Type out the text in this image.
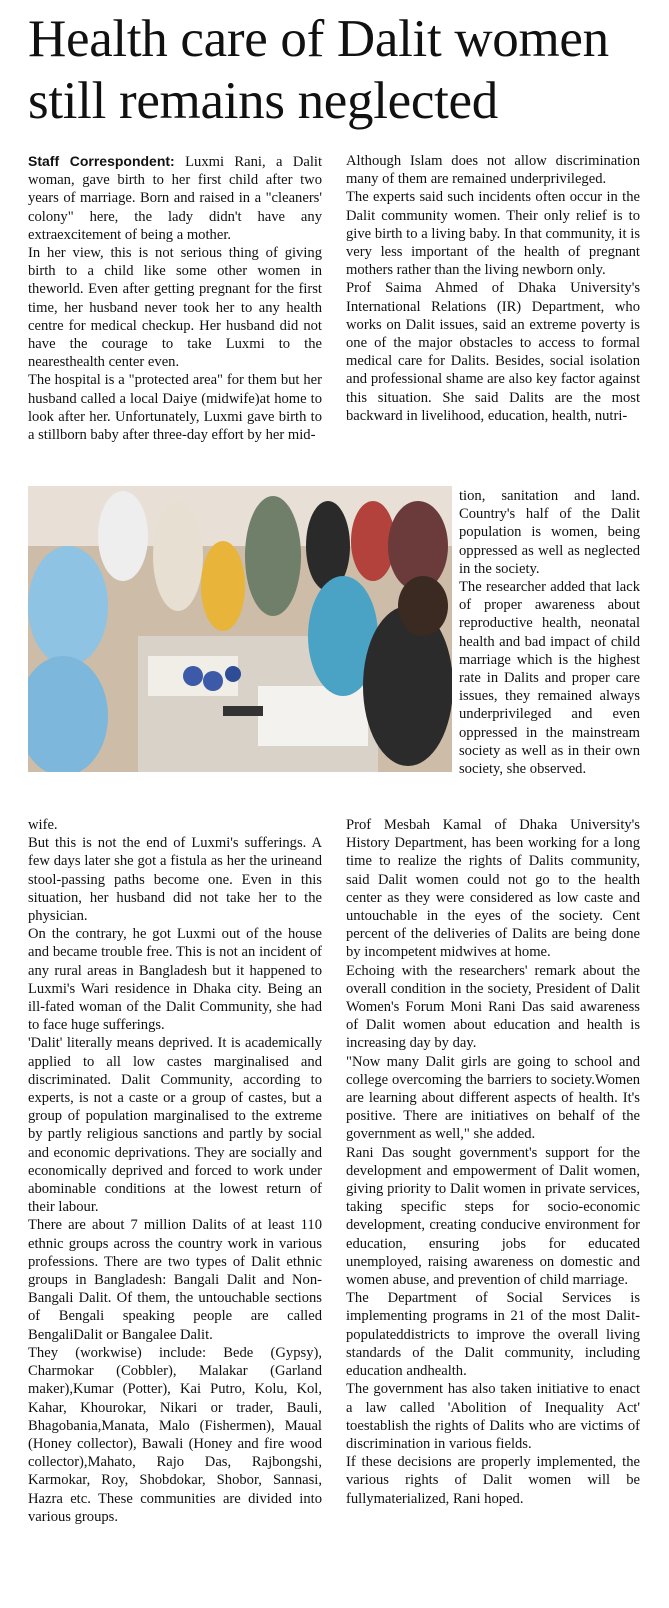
Health care of Dalit women still remains neglected

Staff Correspondent: Luxmi Rani, a Dalit woman, gave birth to her first child after two years of marriage. Born and raised in a "cleaners' colony" here, the lady didn't have any extraexcitement of being a mother.

In her view, this is not serious thing of giving birth to a child like some other women in theworld. Even after getting pregnant for the first time, her husband never took her to any health centre for medical checkup. Her husband did not have the courage to take Luxmi to the nearesthealth center even.

The hospital is a "protected area" for them but her husband called a local Daiye (midwife)at home to look after her. Unfortunately, Luxmi gave birth to a stillborn baby after three-day effort by her mid-

wife.

But this is not the end of Luxmi's sufferings. A few days later she got a fistula as her the urineand stool-passing paths become one. Even in this situation, her husband did not take her to the physician.

On the contrary, he got Luxmi out of the house and became trouble free. This is not an incident of any rural areas in Bangladesh but it happened to Luxmi's Wari residence in Dhaka city. Being an ill-fated woman of the Dalit Community, she had to face huge sufferings.

'Dalit' literally means deprived. It is academically applied to all low castes marginalised and discriminated. Dalit Community, according to experts, is not a caste or a group of castes, but a group of population marginalised to the extreme by partly religious sanctions and partly by social and economic deprivations. They are socially and economically deprived and forced to work under abominable conditions at the lowest return of their labour.

There are about 7 million Dalits of at least 110 ethnic groups across the country work in various professions. There are two types of Dalit ethnic groups in Bangladesh: Bangali Dalit and Non-Bangali Dalit. Of them, the untouchable sections of Bengali speaking people are called BengaliDalit or Bangalee Dalit.

They (workwise) include: Bede (Gypsy), Charmokar (Cobbler), Malakar (Garland maker),Kumar (Potter), Kai Putro, Kolu, Kol, Kahar, Khourokar, Nikari or trader, Bauli, Bhagobania,Manata, Malo (Fishermen), Maual (Honey collector), Bawali (Honey and fire wood collector),Mahato, Rajo Das, Rajbongshi, Karmokar, Roy, Shobdokar, Shobor, Sannasi, Hazra etc. These communities are divided into various groups.

Although Islam does not allow discrimination many of them are remained underprivileged.

The experts said such incidents often occur in the Dalit community women. Their only relief is to give birth to a living baby. In that community, it is very less important of the health of pregnant mothers rather than the living newborn only.

Prof Saima Ahmed of Dhaka University's International Relations (IR) Department, who works on Dalit issues, said an extreme poverty is one of the major obstacles to access to formal medical care for Dalits. Besides, social isolation and professional shame are also key factor against this situation. She said Dalits are the most backward in livelihood, education, health, nutri-

tion, sanitation and land. Country's half of the Dalit population is women, being oppressed as well as neglected in the society.

The researcher added that lack of proper awareness about reproductive health, neonatal health and bad impact of child marriage which is the highest rate in Dalits and proper care issues, they remained always underprivileged and even oppressed in the mainstream society as well as in their own society, she observed.

Prof Mesbah Kamal of Dhaka University's History Department, has been working for a long time to realize the rights of Dalits community, said Dalit women could not go to the health center as they were considered as low caste and untouchable in the eyes of the society. Cent percent of the deliveries of Dalits are being done by incompetent midwives at home.

Echoing with the researchers' remark about the overall condition in the society, President of Dalit Women's Forum Moni Rani Das said awareness of Dalit women about education and health is increasing day by day.

"Now many Dalit girls are going to school and college overcoming the barriers to society.Women are learning about different aspects of health. It's positive. There are initiatives on behalf of the government as well," she added.

Rani Das sought government's support for the development and empowerment of Dalit women, giving priority to Dalit women in private services, taking specific steps for socio-economic development, creating conducive environment for education, ensuring jobs for educated unemployed, raising awareness on domestic and women abuse, and prevention of child marriage.

The Department of Social Services is implementing programs in 21 of the most Dalit-populateddistricts to improve the overall living standards of the Dalit community, including education andhealth.

The government has also taken initiative to enact a law called 'Abolition of Inequality Act' toestablish the rights of Dalits who are victims of discrimination in various fields.

If these decisions are properly implemented, the various rights of Dalit women will be fullymaterialized, Rani hoped.
